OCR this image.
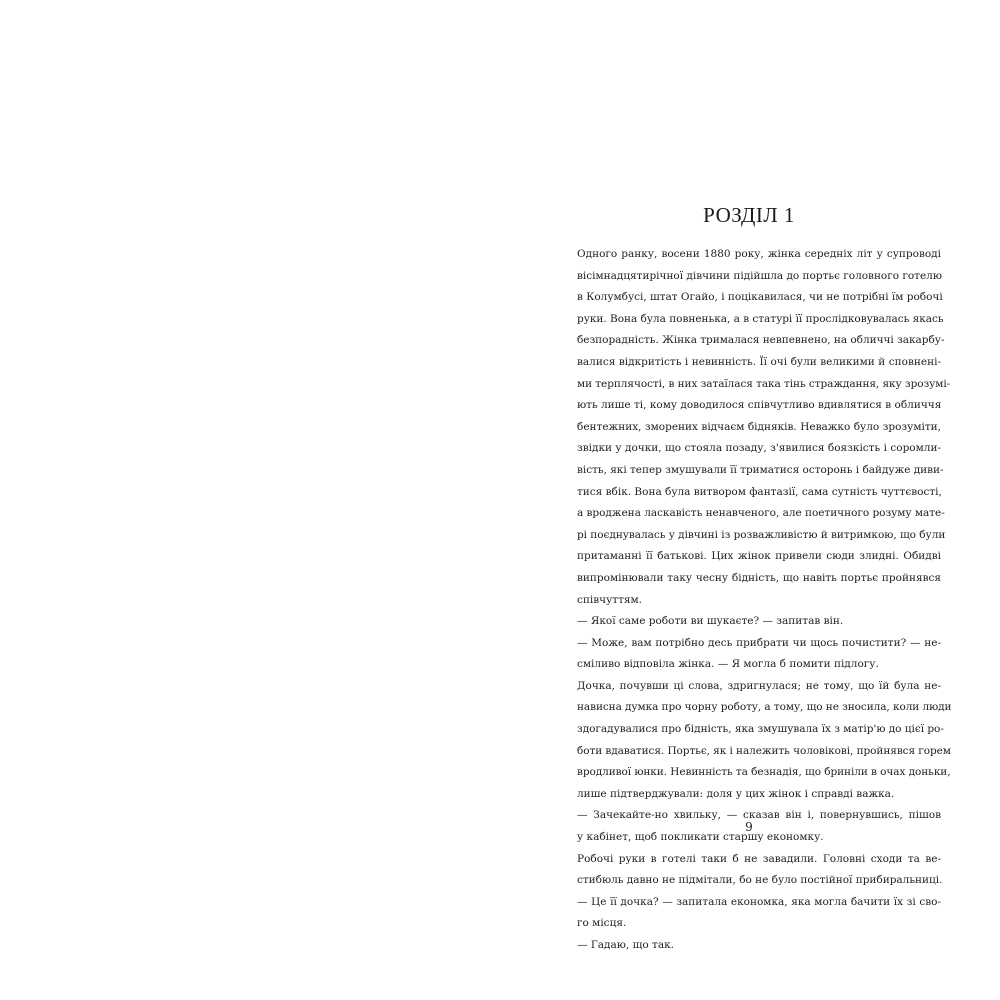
РОЗДІЛ 1

Одного ранку, восени 1880 року, жінка середніх літ у супроводі
вісімнадцятирічної дівчини підійшла до портьє головного готелю
в Колумбусі, штат Огайо, і поцікавилася, чи не потрібні їм робочі
руки. Вона була повненька, а в статурі її прослідковувалась якась
безпорадність. Жінка трималася невпевнено, на обличчі закарбу-
валися відкритість і невинність. Її очі були великими й сповнені-
ми терплячості, в них затаїлася така тінь страждання, яку зрозумі-
ють лише ті, кому доводилося співчутливо вдивлятися в обличчя
бентежних, зморених відчаєм бідняків. Неважко було зрозуміти,
звідки у дочки, що стояла позаду, з'явилися боязкість і соромли-
вість, які тепер змушували її триматися осторонь і байдуже диви-
тися вбік. Вона була витвором фантазії, сама сутність чуттєвості,
а вроджена ласкавість ненавченого, але поетичного розуму мате-
рі поєднувалась у дівчині із розважливістю й витримкою, що були
притаманні її батькові. Цих жінок привели сюди злидні. Обидві
випромінювали таку чесну бідність, що навіть портьє пройнявся
співчуттям.

— Якої саме роботи ви шукаєте? — запитав він.

— Може, вам потрібно десь прибрати чи щось почистити? — не-
сміливо відповіла жінка. — Я могла б помити підлогу.

Дочка, почувши ці слова, здригнулася; не тому, що їй була не-
нависна думка про чорну роботу, а тому, що не зносила, коли люди
здогадувалися про бідність, яка змушувала їх з матір'ю до цієї ро-
боти вдаватися. Портьє, як і належить чоловікові, пройнявся горем
вродливої юнки. Невинність та безнадія, що бриніли в очах доньки,
лише підтверджували: доля у цих жінок і справді важка.

— Зачекайте-но хвильку, — сказав він і, повернувшись, пішов
у кабінет, щоб покликати старшу економку.

Робочі руки в готелі таки б не завадили. Головні сходи та ве-
стибюль давно не підмітали, бо не було постійної прибиральниці.

— Це її дочка? — запитала економка, яка могла бачити їх зі сво-
го місця.

— Гадаю, що так.

9
